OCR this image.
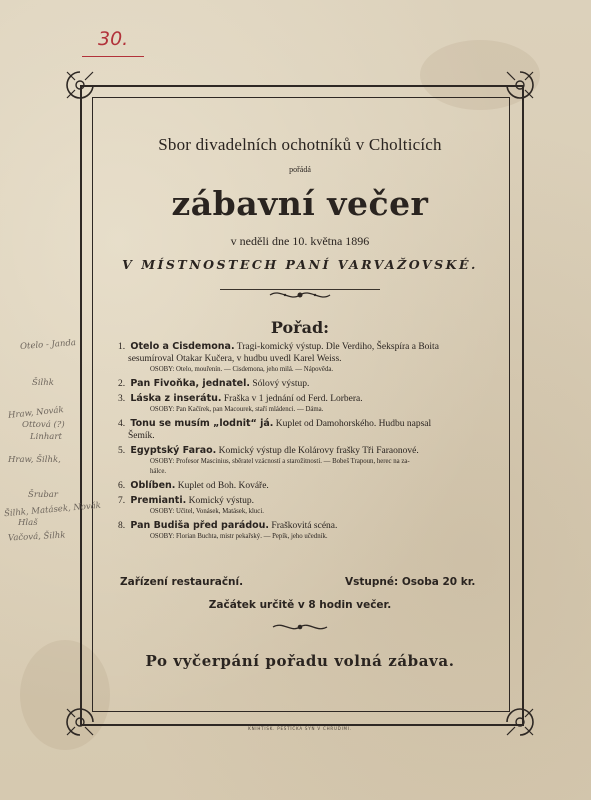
30.
Sbor divadelních ochotníků v Cholticích
pořádá
zábavní večer
v neděli dne 10. května 1896
V MÍSTNOSTECH PANÍ VARVAŽOVSKÉ.
Pořad:
1. Otelo a Cisdemona. Tragi-komický výstup. Dle Verdiho, Šekspíra a Boita
sesumíroval Otakar Kučera, v hudbu uvedl Karel Weiss.
OSOBY: Otelo, mouřenín. — Cisdemona, jeho milá. — Nápověda.
2. Pan Fivoňka, jednatel. Sólový výstup.
3. Láska z inserátu. Fraška v 1 jednání od Ferd. Lorbera.
OSOBY: Pan Kačírek, pan Macourek, staří mládenci. — Dáma.
4. Tonu se musím „lodnit“ já. Kuplet od Damohorského. Hudbu napsal
Šemík.
5. Egyptský Farao. Komický výstup dle Kolárovy frašky Tři Faraonové.
OSOBY: Profesor Mascinius, sběratel vzácností a starožitností. — Bobeš Trapoun, herec na za-
hálce.
6. Oblíben. Kuplet od Boh. Kováře.
7. Premianti. Komický výstup.
OSOBY: Učitel, Vonásek, Matásek, kluci.
8. Pan Budiša před parádou. Fraškovitá scéna.
OSOBY: Florian Buchta, mistr pekařský. — Pepík, jeho učedník.
Zařízení restaurační.	Vstupné: Osoba 20 kr.
Začátek určitě v 8 hodin večer.
Po vyčerpání pořadu volná zábava.
KNIHTISK. PEŠTÍČKA SYN V CHRUDIMI.
Otelo - Janda
Šilhk
Hraw, Novák
Ottová (?)
Linhart
Hraw, Šilhk,
Šrubar
Šilhk, Matásek, Novák
Hlaš
Vačová, Šilhk
